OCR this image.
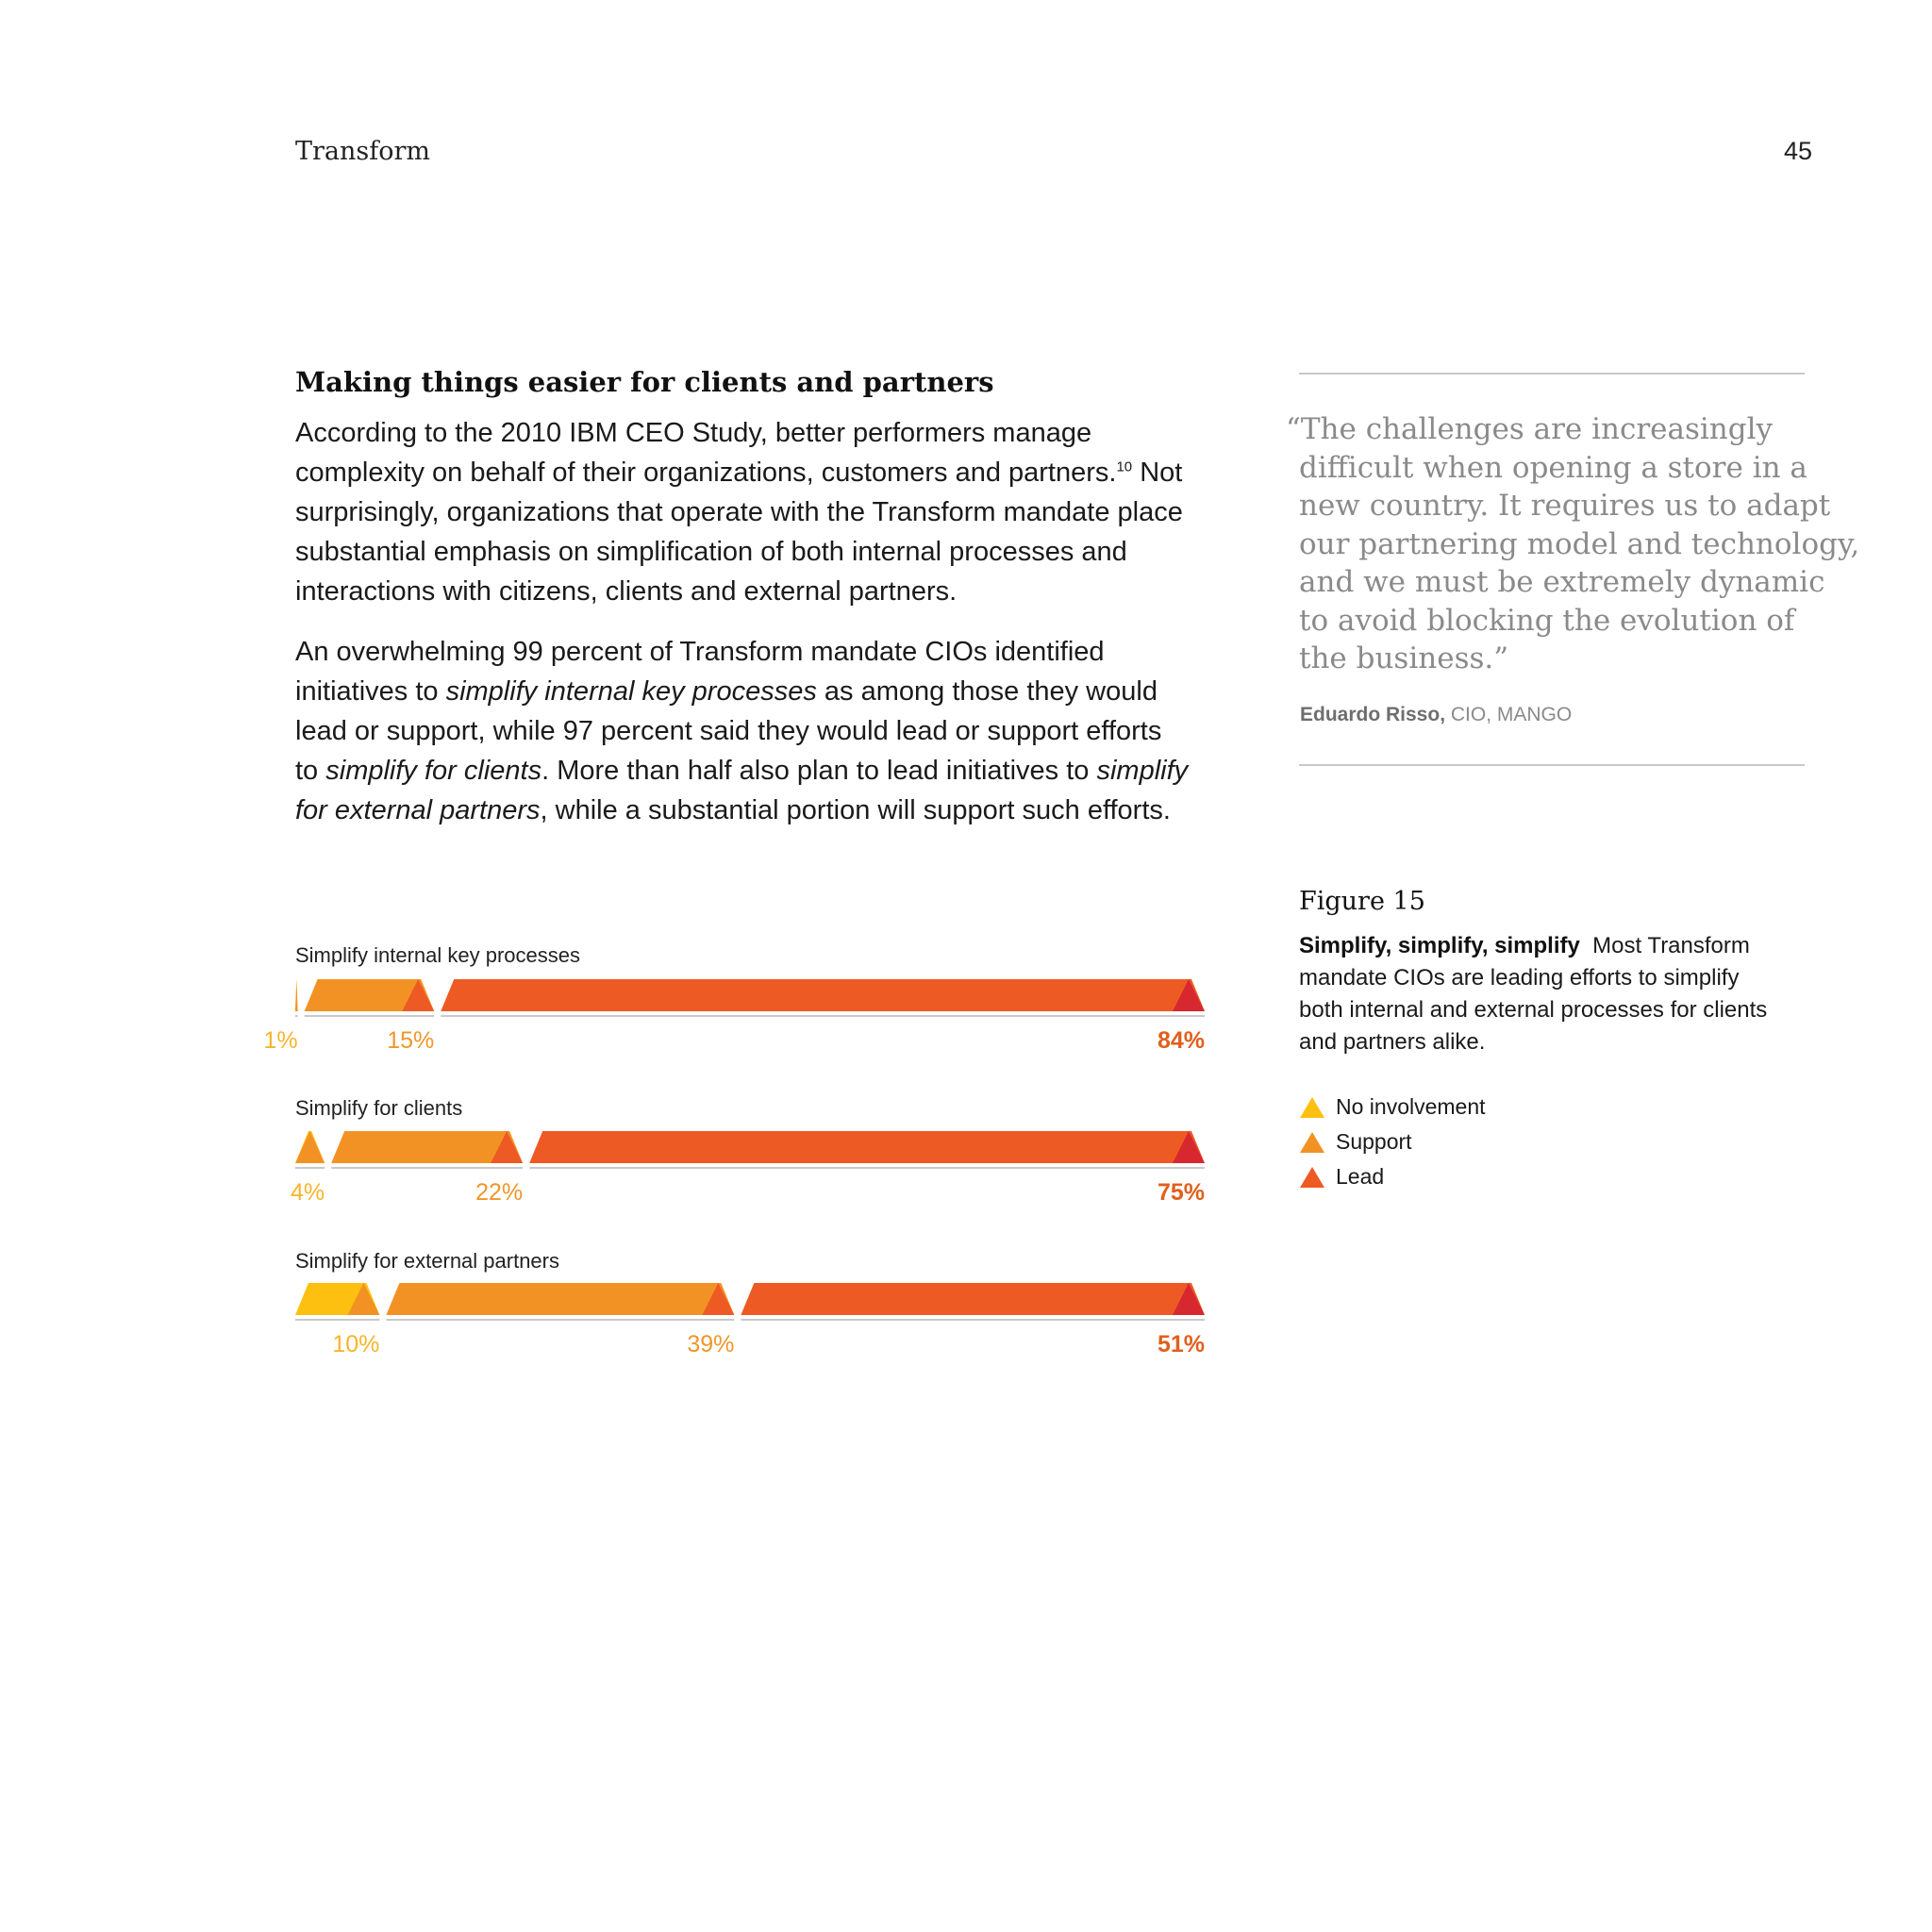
Transform	45
Making things easier for clients and partners

According to the 2010 IBM CEO Study, better performers manage complexity on behalf of their organizations, customers and partners.$^{10}$ Not surprisingly, organizations that operate with the Transform mandate place substantial emphasis on simplification of both internal processes and interactions with citizens, clients and external partners.

An overwhelming 99 percent of Transform mandate CIOs identified initiatives to simplify internal key processes as among those they would lead or support, while 97 percent said they would lead or support efforts to simplify for clients. More than half also plan to lead initiatives to simplify for external partners, while a substantial portion will support such efforts.

“The challenges are increasingly
difficult when opening a store in a
new country. It requires us to adapt
our partnering model and technology,
and we must be extremely dynamic
to avoid blocking the evolution of
the business.”

Eduardo Risso, CIO, MANGO
Figure 15

Simplify, simplify, simplify  Most Transform mandate CIOs are leading efforts to simplify both internal and external processes for clients and partners alike.

No involvement
Support
Lead
Simplify internal key processes
1%	15%	84%
Simplify for clients
4%	22%	75%
Simplify for external partners
10%	39%	51%
